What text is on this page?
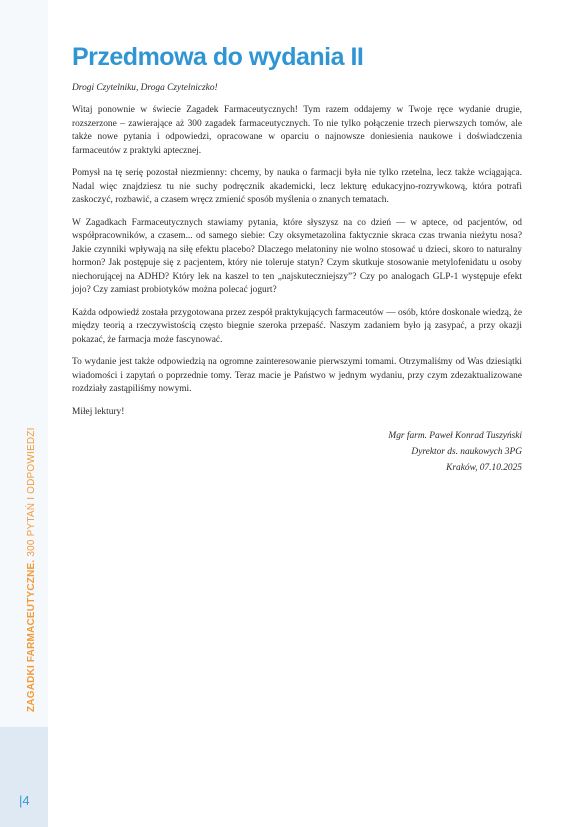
ZAGADKI FARMACEUTYCZNE. 300 PYTAŃ I ODPOWIEDZI
|4
Przedmowa do wydania II
Drogi Czytelniku, Droga Czytelniczko!

Witaj ponownie w świecie Zagadek Farmaceutycznych! Tym razem oddajemy w Twoje ręce wydanie drugie, rozszerzone – zawierające aż 300 zagadek farmaceutycznych. To nie tylko połączenie trzech pierwszych tomów, ale także nowe pytania i odpowiedzi, opracowane w oparciu o najnowsze doniesienia naukowe i doświadczenia farmaceutów z praktyki aptecznej.

Pomysł na tę serię pozostał niezmienny: chcemy, by nauka o farmacji była nie tylko rzetelna, lecz także wciągająca. Nadal więc znajdziesz tu nie suchy podręcznik akademicki, lecz lekturę edukacyjno-rozrywkową, która potrafi zaskoczyć, rozbawić, a czasem wręcz zmienić sposób myślenia o znanych tematach.

W Zagadkach Farmaceutycznych stawiamy pytania, które słyszysz na co dzień — w aptece, od pacjentów, od współpracowników, a czasem... od samego siebie: Czy oksymetazolina faktycznie skraca czas trwania nieżytu nosa? Jakie czynniki wpływają na siłę efektu placebo? Dlaczego melatoniny nie wolno stosować u dzieci, skoro to naturalny hormon? Jak postępuje się z pacjentem, który nie toleruje statyn? Czym skutkuje stosowanie metylofenidatu u osoby niechorującej na ADHD? Który lek na kaszel to ten „najskuteczniejszy”? Czy po analogach GLP-1 występuje efekt jojo? Czy zamiast probiotyków można polecać jogurt?

Każda odpowiedź została przygotowana przez zespół praktykujących farmaceutów — osób, które doskonale wiedzą, że między teorią a rzeczywistością często biegnie szeroka przepaść. Naszym zadaniem było ją zasypać, a przy okazji pokazać, że farmacja może fascynować.

To wydanie jest także odpowiedzią na ogromne zainteresowanie pierwszymi tomami. Otrzymaliśmy od Was dziesiątki wiadomości i zapytań o poprzednie tomy. Teraz macie je Państwo w jednym wydaniu, przy czym zdezaktualizowane rozdziały zastąpiliśmy nowymi.

Miłej lektury!

Mgr farm. Paweł Konrad Tuszyński

Dyrektor ds. naukowych 3PG

Kraków, 07.10.2025
